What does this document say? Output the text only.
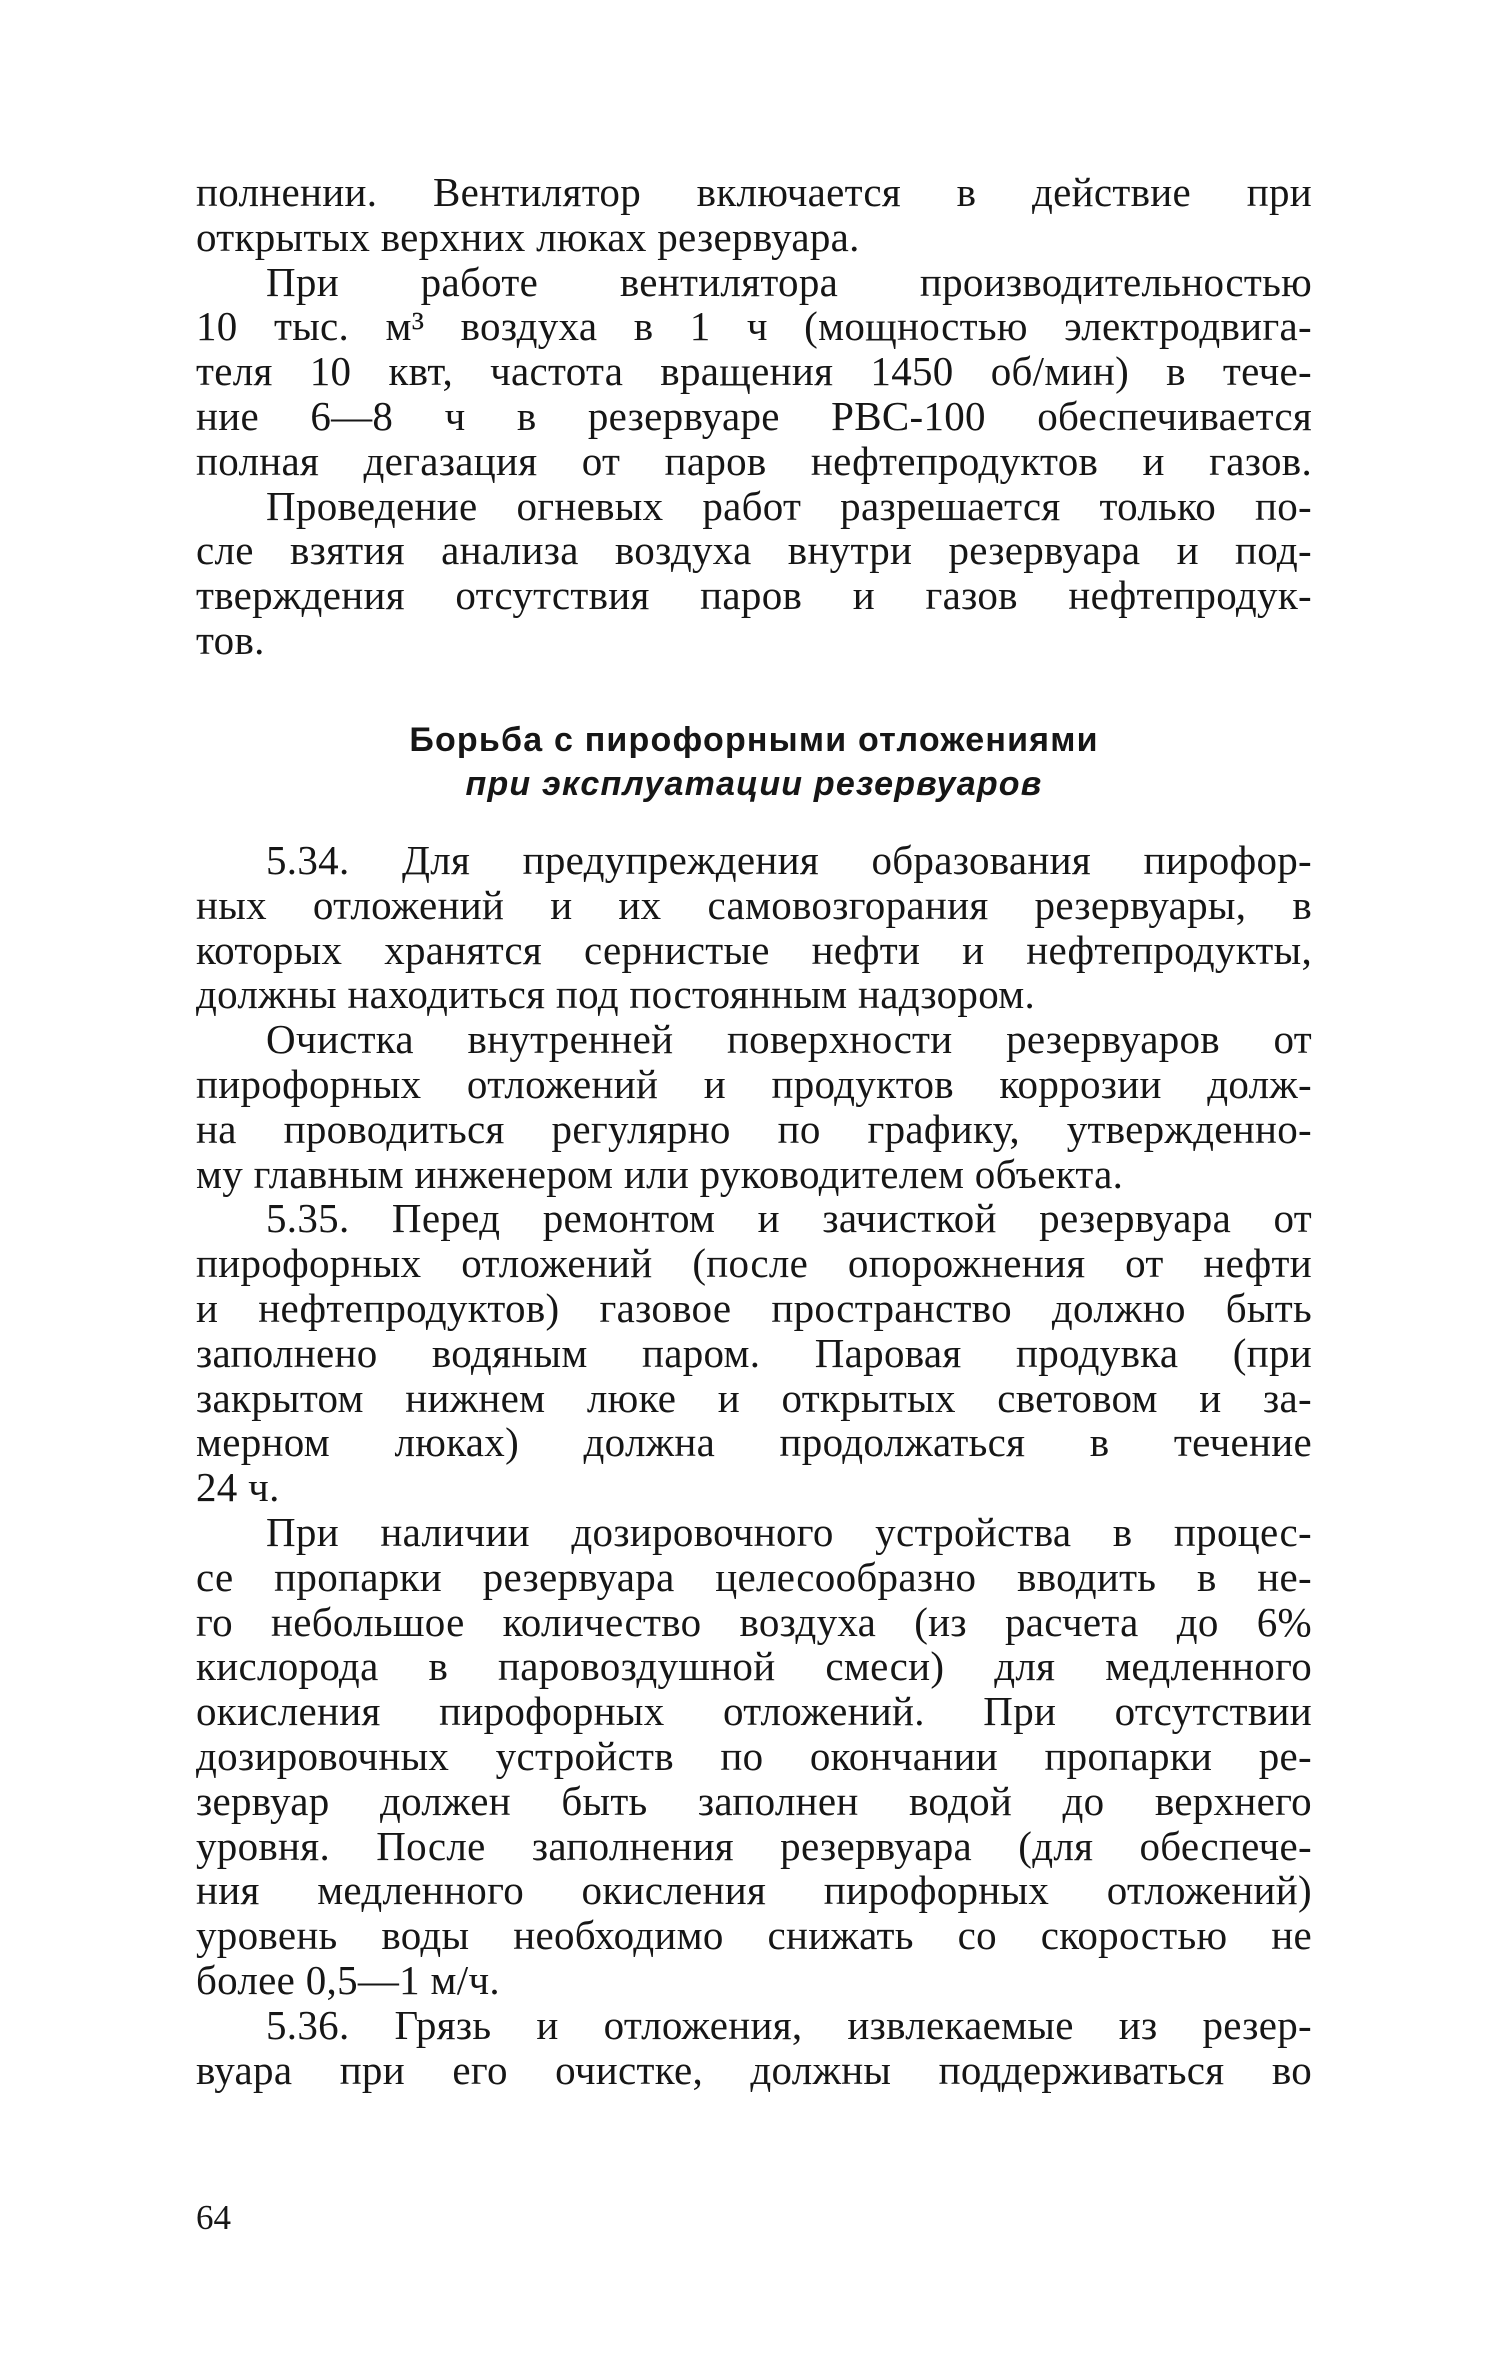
полнении. Вентилятор включается в действие при
открытых верхних люках резервуара.
При работе вентилятора производительностью
10 тыс. м³ воздуха в 1 ч (мощностью электродвига-
теля 10 квт, частота вращения 1450 об/мин) в тече-
ние 6—8 ч в резервуаре РВС-100 обеспечивается
полная дегазация от паров нефтепродуктов и газов.
Проведение огневых работ разрешается только по-
сле взятия анализа воздуха внутри резервуара и под-
тверждения отсутствия паров и газов нефтепродук-
тов.
Борьба с пирофорными отложениями
при эксплуатации резервуаров
5.34. Для предупреждения образования пирофор-
ных отложений и их самовозгорания резервуары, в
которых хранятся сернистые нефти и нефтепродукты,
должны находиться под постоянным надзором.
Очистка внутренней поверхности резервуаров от
пирофорных отложений и продуктов коррозии долж-
на проводиться регулярно по графику, утвержденно-
му главным инженером или руководителем объекта.
5.35. Перед ремонтом и зачисткой резервуара от
пирофорных отложений (после опорожнения от нефти
и нефтепродуктов) газовое пространство должно быть
заполнено водяным паром. Паровая продувка (при
закрытом нижнем люке и открытых световом и за-
мерном люках) должна продолжаться в течение
24 ч.
При наличии дозировочного устройства в процес-
се пропарки резервуара целесообразно вводить в не-
го небольшое количество воздуха (из расчета до 6%
кислорода в паровоздушной смеси) для медленного
окисления пирофорных отложений. При отсутствии
дозировочных устройств по окончании пропарки ре-
зервуар должен быть заполнен водой до верхнего
уровня. После заполнения резервуара (для обеспече-
ния медленного окисления пирофорных отложений)
уровень воды необходимо снижать со скоростью не
более 0,5—1 м/ч.
5.36. Грязь и отложения, извлекаемые из резер-
вуара при его очистке, должны поддерживаться во
64
